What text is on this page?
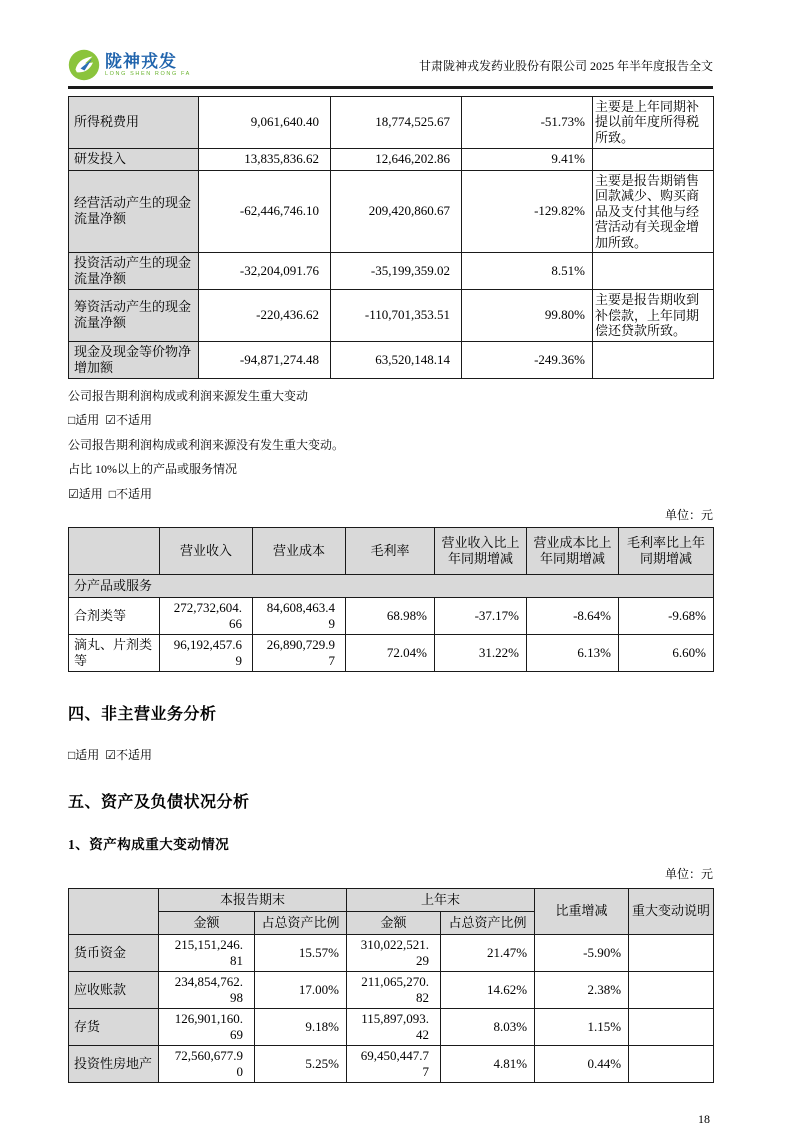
陇神戎发
LONG SHEN RONG FA
甘肃陇神戎发药业股份有限公司 2025 年半年度报告全文
所得税费用	9,061,640.40	18,774,525.67	-51.73%	主要是上年同期补提以前年度所得税所致。
研发投入	13,835,836.62	12,646,202.86	9.41%	
经营活动产生的现金流量净额	-62,446,746.10	209,420,860.67	-129.82%	主要是报告期销售回款减少、购买商品及支付其他与经营活动有关现金增加所致。
投资活动产生的现金流量净额	-32,204,091.76	-35,199,359.02	8.51%	
筹资活动产生的现金流量净额	-220,436.62	-110,701,353.51	99.80%	主要是报告期收到补偿款，上年同期偿还贷款所致。
现金及现金等价物净增加额	-94,871,274.48	63,520,148.14	-249.36%	

公司报告期利润构成或利润来源发生重大变动

□适用 ☑不适用

公司报告期利润构成或利润来源没有发生重大变动。

占比 10%以上的产品或服务情况

☑适用 □不适用

单位：元
	营业收入	营业成本	毛利率	营业收入比上年同期增减	营业成本比上年同期增减	毛利率比上年同期增减
分产品或服务						
合剂类等	272,732,604.66	84,608,463.49	68.98%	-37.17%	-8.64%	-9.68%
滴丸、片剂类等	96,192,457.69	26,890,729.97	72.04%	31.22%	6.13%	6.60%
四、非主营业务分析

□适用 ☑不适用

五、资产及负债状况分析
1、资产构成重大变动情况
单位：元
	本报告期末		上年末		比重增减	重大变动说明
	金额	占总资产比例	金额	占总资产比例		
货币资金	215,151,246.81	15.57%	310,022,521.29	21.47%	-5.90%	
应收账款	234,854,762.98	17.00%	211,065,270.82	14.62%	2.38%	
存货	126,901,160.69	9.18%	115,897,093.42	8.03%	1.15%	
投资性房地产	72,560,677.90	5.25%	69,450,447.77	4.81%	0.44%	
18
